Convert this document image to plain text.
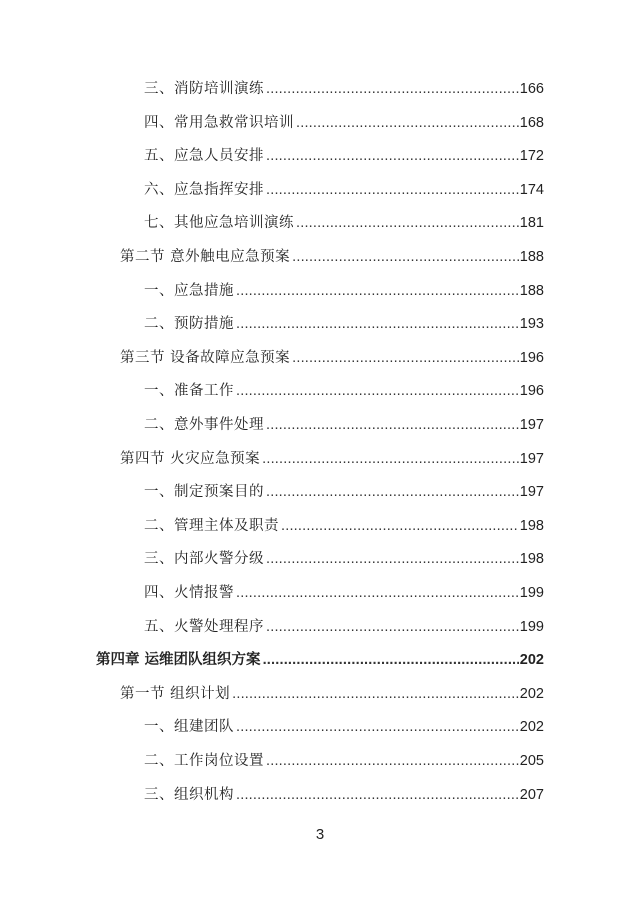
三、消防培训演练 .....	166
四、常用急救常识培训 .....	168
五、应急人员安排 .....	172
六、应急指挥安排 .....	174
七、其他应急培训演练 .....	181
第二节 意外触电应急预案 .....	188
一、应急措施 .....	188
二、预防措施 .....	193
第三节 设备故障应急预案 .....	196
一、准备工作 .....	196
二、意外事件处理 .....	197
第四节 火灾应急预案 .....	197
一、制定预案目的 .....	197
二、管理主体及职责 .....	198
三、内部火警分级 .....	198
四、火情报警 .....	199
五、火警处理程序 .....	199
第四章 运维团队组织方案 .....	202
第一节 组织计划 .....	202
一、组建团队 .....	202
二、工作岗位设置 .....	205
三、组织机构 .....	207
3
